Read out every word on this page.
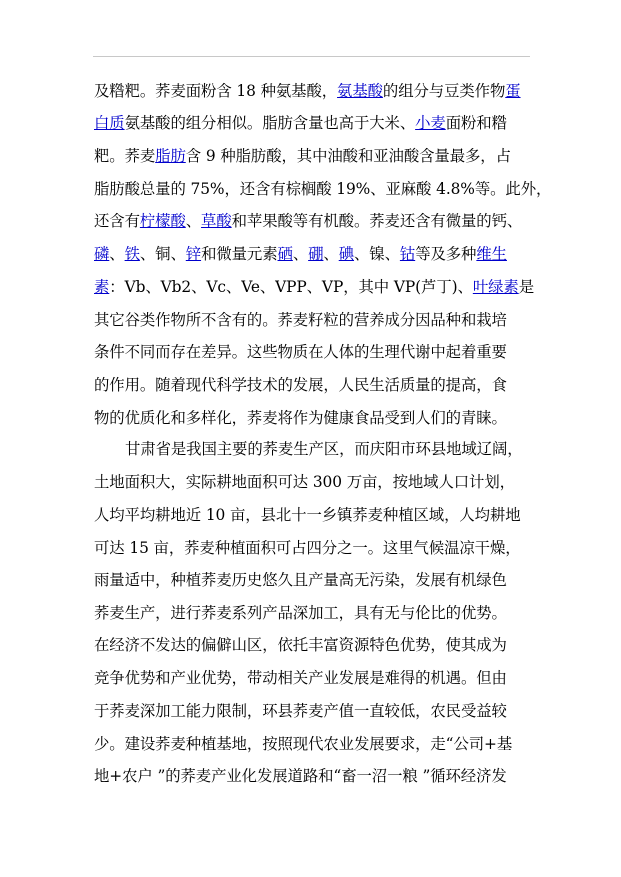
及糌粑。荞麦面粉含 18 种氨基酸，氨基酸的组分与豆类作物蛋
白质氨基酸的组分相似。脂肪含量也高于大米、小麦面粉和糌
粑。荞麦脂肪含 9 种脂肪酸，其中油酸和亚油酸含量最多，占
脂肪酸总量的 75%，还含有棕榈酸 19%、亚麻酸 4.8%等。此外，
还含有柠檬酸、草酸和苹果酸等有机酸。荞麦还含有微量的钙、
磷、铁、铜、锌和微量元素硒、硼、碘、镍、钴等及多种维生
素：Vb、Vb2、Vc、Ve、VPP、VP，其中 VP(芦丁)、叶绿素是
其它谷类作物所不含有的。荞麦籽粒的营养成分因品种和栽培
条件不同而存在差异。这些物质在人体的生理代谢中起着重要
的作用。随着现代科学技术的发展，人民生活质量的提高，食
物的优质化和多样化，荞麦将作为健康食品受到人们的青睐。
甘肃省是我国主要的荞麦生产区，而庆阳市环县地域辽阔，
土地面积大，实际耕地面积可达 300 万亩，按地域人口计划，
人均平均耕地近 10 亩，县北十一乡镇荞麦种植区域，人均耕地
可达 15 亩，荞麦种植面积可占四分之一。这里气候温凉干燥，
雨量适中，种植荞麦历史悠久且产量高无污染，发展有机绿色
荞麦生产，进行荞麦系列产品深加工，具有无与伦比的优势。
在经济不发达的偏僻山区，依托丰富资源特色优势，使其成为
竞争优势和产业优势，带动相关产业发展是难得的机遇。但由
于荞麦深加工能力限制，环县荞麦产值一直较低，农民受益较
少。建设荞麦种植基地，按照现代农业发展要求，走“公司+基
地+农户 ”的荞麦产业化发展道路和“畜一沼一粮 ”循环经济发
